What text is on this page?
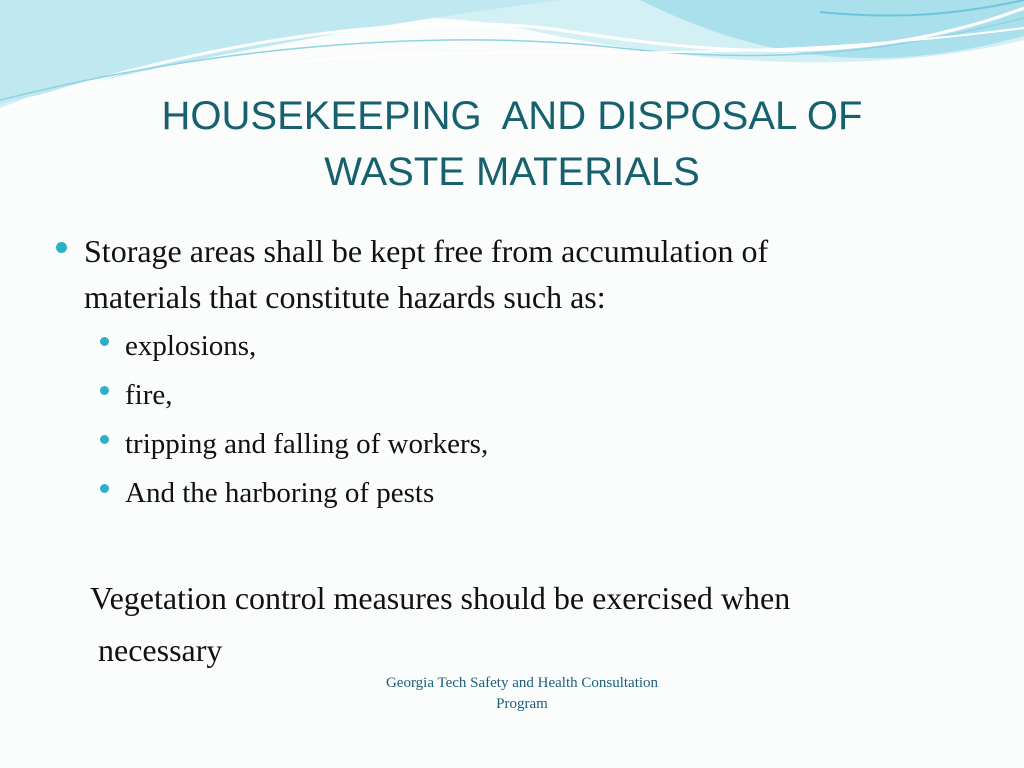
HOUSEKEEPING  AND DISPOSAL OF
WASTE MATERIALS
Storage areas shall be kept free from accumulation of
materials that constitute hazards such as:
explosions,
fire,
tripping and falling of workers,
And the harboring of pests
Vegetation control measures should be exercised when
necessary
Georgia Tech Safety and Health Consultation
Program
